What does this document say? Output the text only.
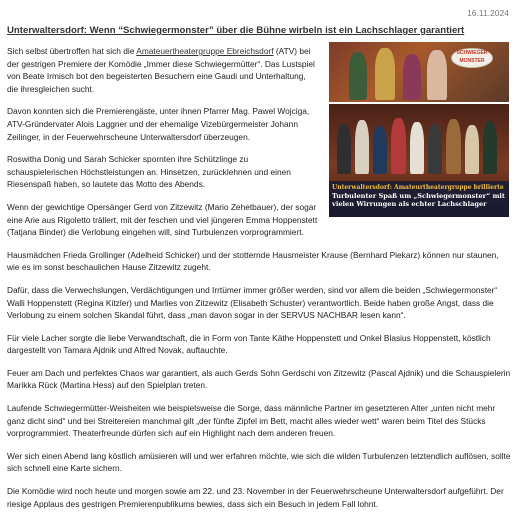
16.11.2024
Unterwaltersdorf: Wenn “Schwiegermonster” über die Bühne wirbeln ist ein Lachschlager garantiert
SCHWIEGER MONSTER
Unterwaltersdorf: Amateurtheatergruppe brillierte
Turbulenter Spaß um „Schwiegermonster“ mit vielen Wirrungen als echter Lachschlager

Sich selbst übertroffen hat sich die Amateuertheatergruppe Ebreichsdorf (ATV) bei der gestrigen Premiere der Komödie „Immer diese Schwiegermütter“. Das Lustspiel von Beate Irmisch bot den begeisterten Besuchern eine Gaudi und Unterhaltung, die ihresgleichen sucht.

Davon konnten sich die Premierengäste, unter ihnen Pfarrer Mag. Pawel Wojciga, ATV-Gründervater Alois Laggner und der ehemalige Vizebürgermeister Johann Zeilinger, in der Feuerwehrscheune Unterwaltersdorf überzeugen.

Roswitha Donig und Sarah Schicker spornten ihre Schützlinge zu schauspielerischen Höchstleistungen an. Hinsetzen, zurücklehnen und einen Riesenspaß haben, so lautete das Motto des Abends.

Wenn der gewichtige Opersänger Gerd von Zitzewitz (Mario Zehetbauer), der sogar eine Arie aus Rigoletto trällert, mit der feschen und viel jüngeren Emma Hoppenstett (Tatjana Binder) die Verlobung eingehen will, sind Turbulenzen vorprogrammiert.

Hausmädchen Frieda Grollinger (Adelheid Schicker) und der stotternde Hausmeister Krause (Bernhard Piekarz) können nur staunen, wie es im sonst beschaulichen Hause Zitzewitz zugeht.

Dafür, dass die Verwechslungen, Verdächtigungen und Irrtümer immer größer werden, sind vor allem die beiden „Schwiegermonster“ Walli Hoppenstett (Regina Kitzler) und Marlies von Zitzewitz (Elisabeth Schuster) verantwortlich. Beide haben große Angst, dass die Verlobung zu einem solchen Skandal führt, dass „man davon sogar in der SERVUS NACHBAR lesen kann“.

Für viele Lacher sorgte die liebe Verwandtschaft, die in Form von Tante Käthe Hoppenstett und Onkel Blasius Hoppenstett, köstlich dargestellt von Tamara Ajdnik und Alfred Novak, auftauchte.

Feuer am Dach und perfektes Chaos war garantiert, als auch Gerds Sohn Gerdschi von Zitzewitz (Pascal Ajdnik) und die Schauspielerin Marikka Rück (Martina Hess) auf den Spielplan treten.

Laufende Schwiegermütter-Weisheiten wie beispielsweise die Sorge, dass männliche Partner im gesetzteren Alter „unten nicht mehr ganz dicht sind“ und bei Streitereien manchmal gilt „der fünfte Zipfel im Bett, macht alles wieder wett“ waren beim Titel des Stücks vorprogrammiert. Theaterfreunde dürfen sich auf ein Highlight nach dem anderen freuen.

Wer sich einen Abend lang köstlich amüsieren will und wer erfahren möchte, wie sich die wilden Turbulenzen letztendlich auflösen, sollte sich schnell eine Karte sichern.

Die Komödie wird noch heute und morgen sowie am 22. und 23. November in der Feuerwehrscheune Unterwaltersdorf aufgeführt. Der riesige Applaus des gestrigen Premierenpublikums bewies, dass sich ein Besuch in jedem Fall lohnt.
